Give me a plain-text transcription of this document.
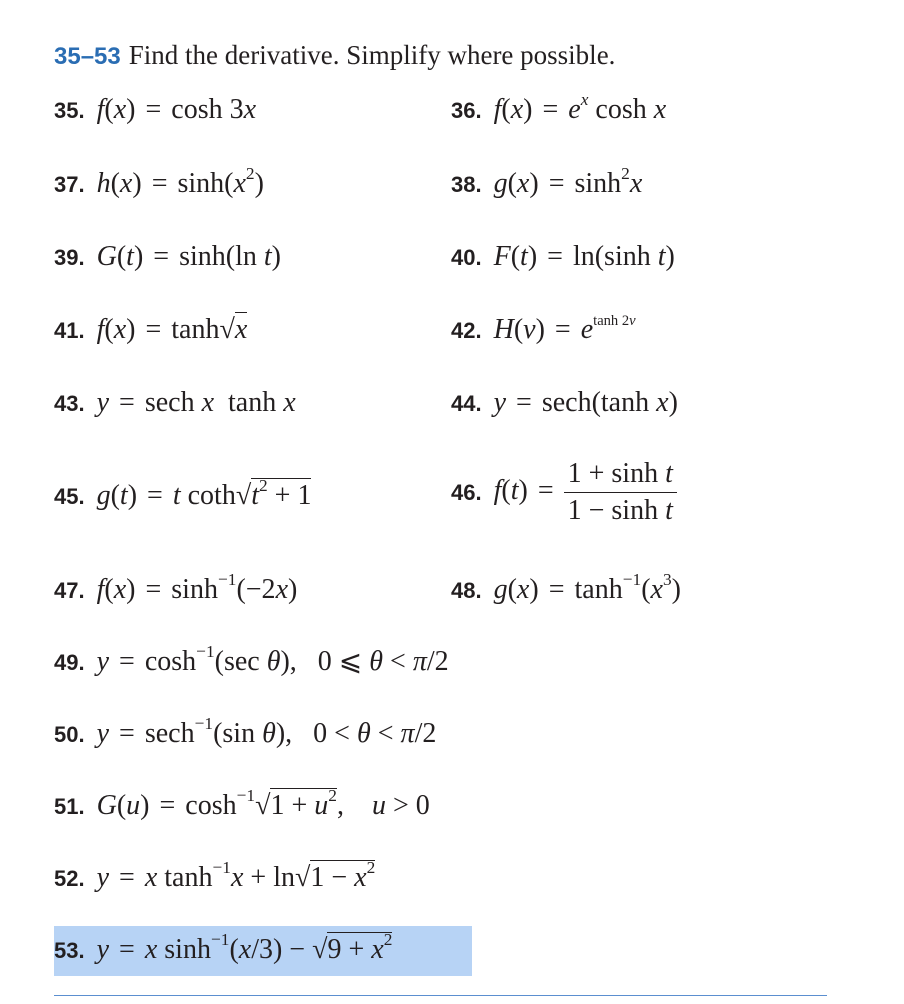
35–53 Find the derivative. Simplify where possible.
35. f(x) = cosh 3x	36. $f(x) = e^x$ cosh x
37. $h(x) = \sinh(x^2)$	38. $g(x) = \sinh^2x$
39. G(t) = sinh(ln t)	40. F(t) = ln(sinh t)
41. f(x) = tanh√x	42. $H(v) = e^{tanh 2v}$
43. y = sech x  tanh x	44. y = sech(tanh x)
45. g(t) = t $\cot h√t^2 + 1$	46. $f(t) = \frac{\text{1 + sinh t}}{\text{1 − sinh t}}$
47. $f(x) = \sinh^{-1}(-2x)$	48. $g(x) = \tanh^{-1}(x^3)$
49. $y = \cosh^{-1}(\sec$ θ),   0 ⩽ θ < π/2
50. y = sech$^{-1}$(sin θ),   0 < θ < π/2
51. $G(u) = \cosh^{-1}√1 + u^2$,    u > 0
52. y = x $\tanh^{-1}x + \ln√1 - x^2$
53. y = x $\sinh^{-1}(x/3) - √9 + x^2$
